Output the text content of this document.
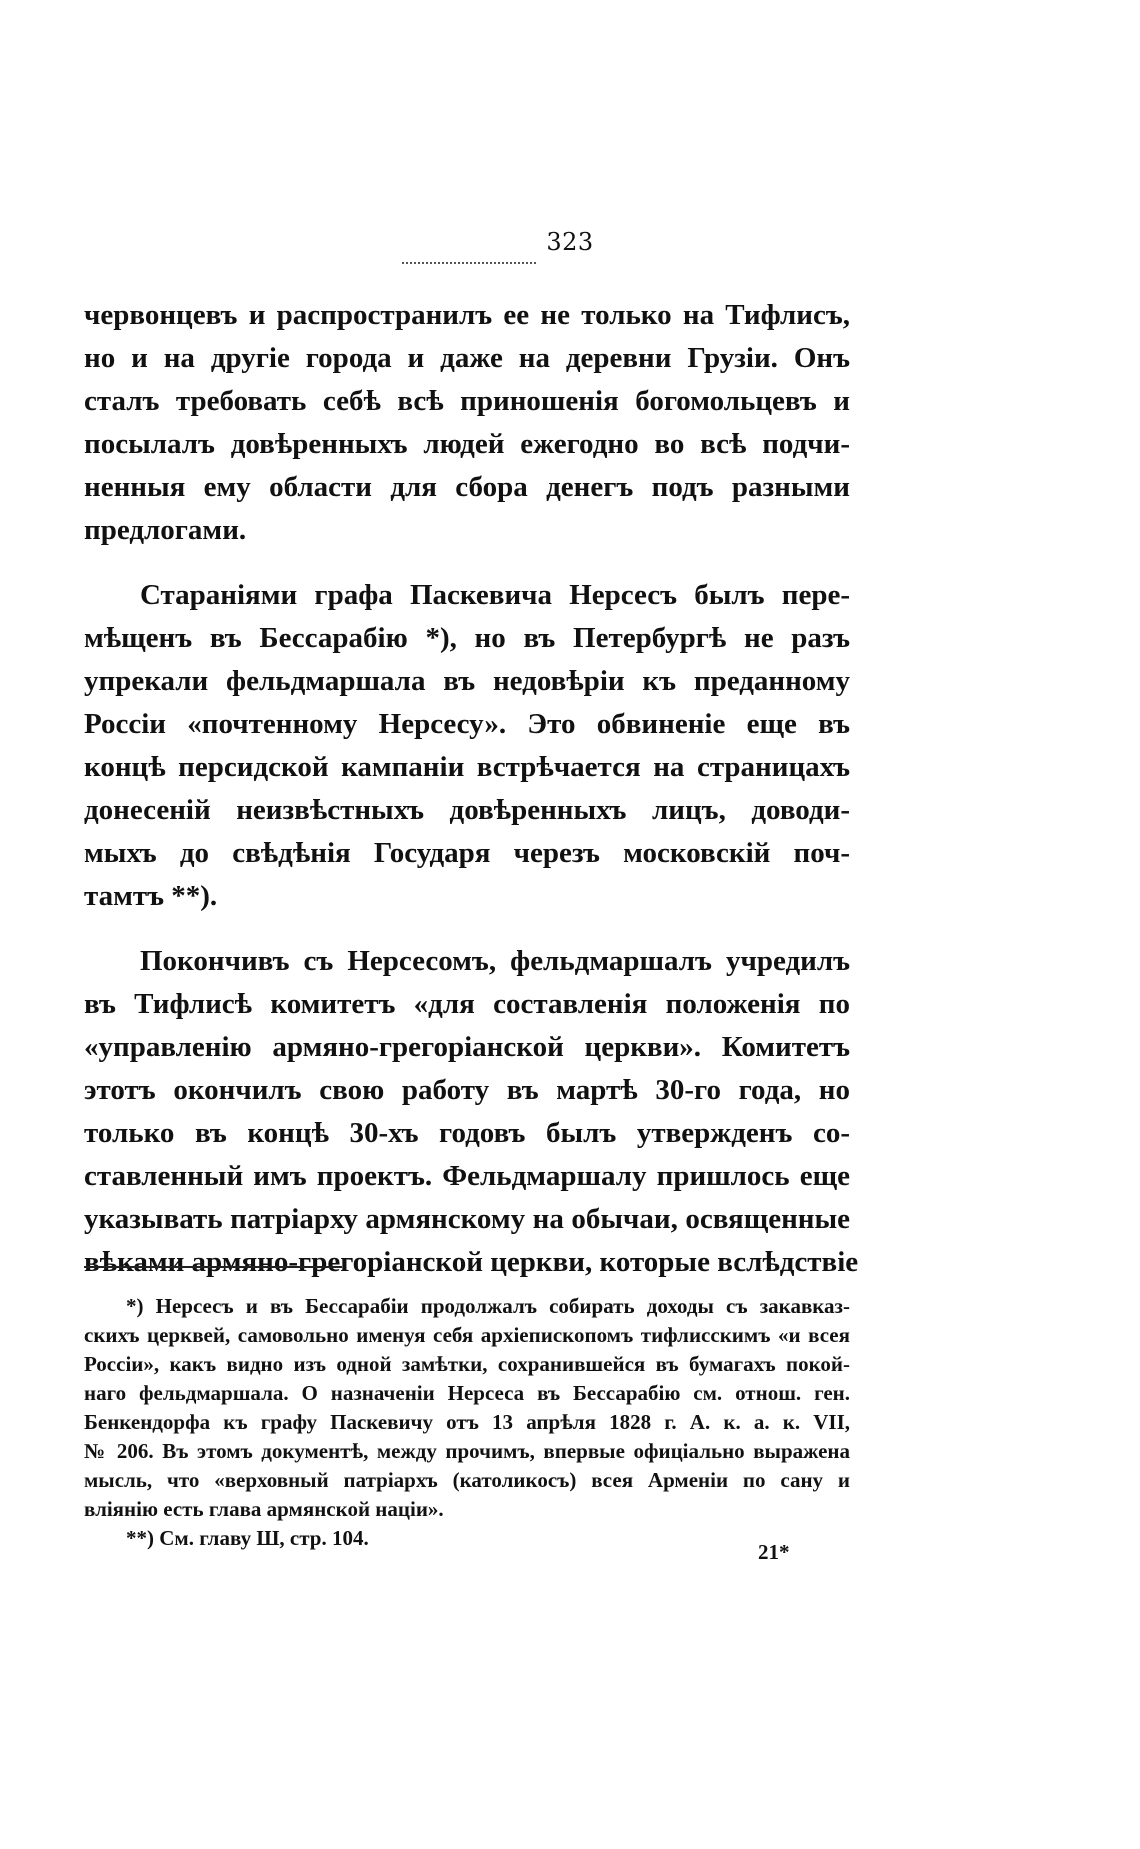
323
червонцевъ и распространилъ ее не только на Тифлисъ,
но и на другіе города и даже на деревни Грузіи. Онъ
сталъ требовать себѣ всѣ приношенія богомольцевъ и
посылалъ довѣренныхъ людей ежегодно во всѣ подчи-
ненныя ему области для сбора денегъ подъ разными
предлогами.
Стараніями графа Паскевича Нерсесъ былъ пере-
мѣщенъ въ Бессарабію *), но въ Петербургѣ не разъ
упрекали фельдмаршала въ недовѣріи къ преданному
Россіи «почтенному Нерсесу». Это обвиненіе еще въ
концѣ персидской кампаніи встрѣчается на страницахъ
донесеній неизвѣстныхъ довѣренныхъ лицъ, доводи-
мыхъ до свѣдѣнія Государя черезъ московскій поч-
тамтъ **).
Покончивъ съ Нерсесомъ, фельдмаршалъ учредилъ
въ Тифлисѣ комитетъ «для составленія положенія по
«управленію армяно-грегоріанской церкви». Комитетъ
этотъ окончилъ свою работу въ мартѣ 30-го года, но
только въ концѣ 30-хъ годовъ былъ утвержденъ со-
ставленный имъ проектъ. Фельдмаршалу пришлось еще
указывать патріарху армянскому на обычаи, освященные
вѣками армяно-грегоріанской церкви, которые вслѣдствіе
*) Нерсесъ и въ Бессарабіи продолжалъ собирать доходы съ закавказ-
скихъ церквей, самовольно именуя себя архіепископомъ тифлисскимъ «и всея
Россіи», какъ видно изъ одной замѣтки, сохранившейся въ бумагахъ покой-
наго фельдмаршала. О назначеніи Нерсеса въ Бессарабію см. отнош. ген.
Бенкендорфа къ графу Паскевичу отъ 13 апрѣля 1828 г. А. к. а. к. VII,
№ 206. Въ этомъ документѣ, между прочимъ, впервые офиціально выражена
мысль, что «верховный патріархъ (католикосъ) всея Арменіи по сану и
вліянію есть глава армянской націи».
**) См. главу Ш, стр. 104.
21*
